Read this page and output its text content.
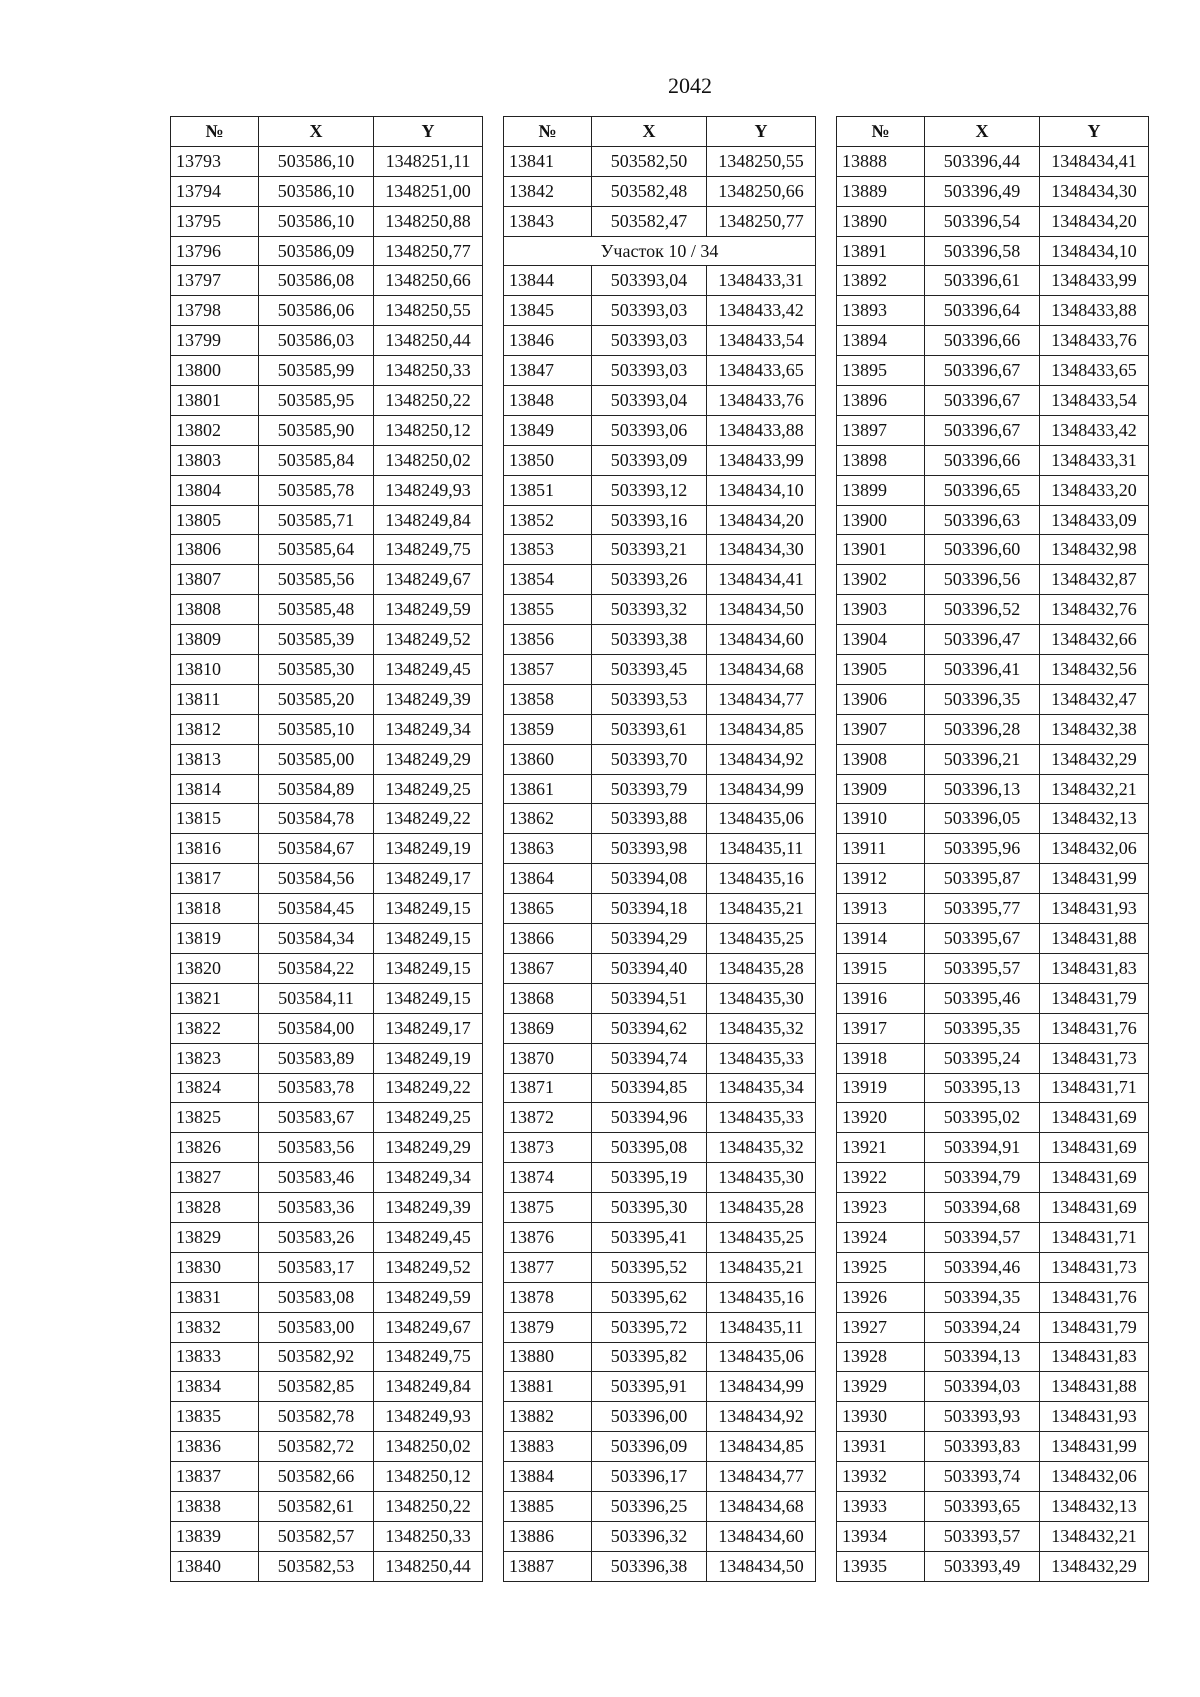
2042
№	X	Y
13793	503586,10	1348251,11
13794	503586,10	1348251,00
13795	503586,10	1348250,88
13796	503586,09	1348250,77
13797	503586,08	1348250,66
13798	503586,06	1348250,55
13799	503586,03	1348250,44
13800	503585,99	1348250,33
13801	503585,95	1348250,22
13802	503585,90	1348250,12
13803	503585,84	1348250,02
13804	503585,78	1348249,93
13805	503585,71	1348249,84
13806	503585,64	1348249,75
13807	503585,56	1348249,67
13808	503585,48	1348249,59
13809	503585,39	1348249,52
13810	503585,30	1348249,45
13811	503585,20	1348249,39
13812	503585,10	1348249,34
13813	503585,00	1348249,29
13814	503584,89	1348249,25
13815	503584,78	1348249,22
13816	503584,67	1348249,19
13817	503584,56	1348249,17
13818	503584,45	1348249,15
13819	503584,34	1348249,15
13820	503584,22	1348249,15
13821	503584,11	1348249,15
13822	503584,00	1348249,17
13823	503583,89	1348249,19
13824	503583,78	1348249,22
13825	503583,67	1348249,25
13826	503583,56	1348249,29
13827	503583,46	1348249,34
13828	503583,36	1348249,39
13829	503583,26	1348249,45
13830	503583,17	1348249,52
13831	503583,08	1348249,59
13832	503583,00	1348249,67
13833	503582,92	1348249,75
13834	503582,85	1348249,84
13835	503582,78	1348249,93
13836	503582,72	1348250,02
13837	503582,66	1348250,12
13838	503582,61	1348250,22
13839	503582,57	1348250,33
13840	503582,53	1348250,44
№	X	Y
13841	503582,50	1348250,55
13842	503582,48	1348250,66
13843	503582,47	1348250,77
Участок 10 / 34		
13844	503393,04	1348433,31
13845	503393,03	1348433,42
13846	503393,03	1348433,54
13847	503393,03	1348433,65
13848	503393,04	1348433,76
13849	503393,06	1348433,88
13850	503393,09	1348433,99
13851	503393,12	1348434,10
13852	503393,16	1348434,20
13853	503393,21	1348434,30
13854	503393,26	1348434,41
13855	503393,32	1348434,50
13856	503393,38	1348434,60
13857	503393,45	1348434,68
13858	503393,53	1348434,77
13859	503393,61	1348434,85
13860	503393,70	1348434,92
13861	503393,79	1348434,99
13862	503393,88	1348435,06
13863	503393,98	1348435,11
13864	503394,08	1348435,16
13865	503394,18	1348435,21
13866	503394,29	1348435,25
13867	503394,40	1348435,28
13868	503394,51	1348435,30
13869	503394,62	1348435,32
13870	503394,74	1348435,33
13871	503394,85	1348435,34
13872	503394,96	1348435,33
13873	503395,08	1348435,32
13874	503395,19	1348435,30
13875	503395,30	1348435,28
13876	503395,41	1348435,25
13877	503395,52	1348435,21
13878	503395,62	1348435,16
13879	503395,72	1348435,11
13880	503395,82	1348435,06
13881	503395,91	1348434,99
13882	503396,00	1348434,92
13883	503396,09	1348434,85
13884	503396,17	1348434,77
13885	503396,25	1348434,68
13886	503396,32	1348434,60
13887	503396,38	1348434,50
№	X	Y
13888	503396,44	1348434,41
13889	503396,49	1348434,30
13890	503396,54	1348434,20
13891	503396,58	1348434,10
13892	503396,61	1348433,99
13893	503396,64	1348433,88
13894	503396,66	1348433,76
13895	503396,67	1348433,65
13896	503396,67	1348433,54
13897	503396,67	1348433,42
13898	503396,66	1348433,31
13899	503396,65	1348433,20
13900	503396,63	1348433,09
13901	503396,60	1348432,98
13902	503396,56	1348432,87
13903	503396,52	1348432,76
13904	503396,47	1348432,66
13905	503396,41	1348432,56
13906	503396,35	1348432,47
13907	503396,28	1348432,38
13908	503396,21	1348432,29
13909	503396,13	1348432,21
13910	503396,05	1348432,13
13911	503395,96	1348432,06
13912	503395,87	1348431,99
13913	503395,77	1348431,93
13914	503395,67	1348431,88
13915	503395,57	1348431,83
13916	503395,46	1348431,79
13917	503395,35	1348431,76
13918	503395,24	1348431,73
13919	503395,13	1348431,71
13920	503395,02	1348431,69
13921	503394,91	1348431,69
13922	503394,79	1348431,69
13923	503394,68	1348431,69
13924	503394,57	1348431,71
13925	503394,46	1348431,73
13926	503394,35	1348431,76
13927	503394,24	1348431,79
13928	503394,13	1348431,83
13929	503394,03	1348431,88
13930	503393,93	1348431,93
13931	503393,83	1348431,99
13932	503393,74	1348432,06
13933	503393,65	1348432,13
13934	503393,57	1348432,21
13935	503393,49	1348432,29
